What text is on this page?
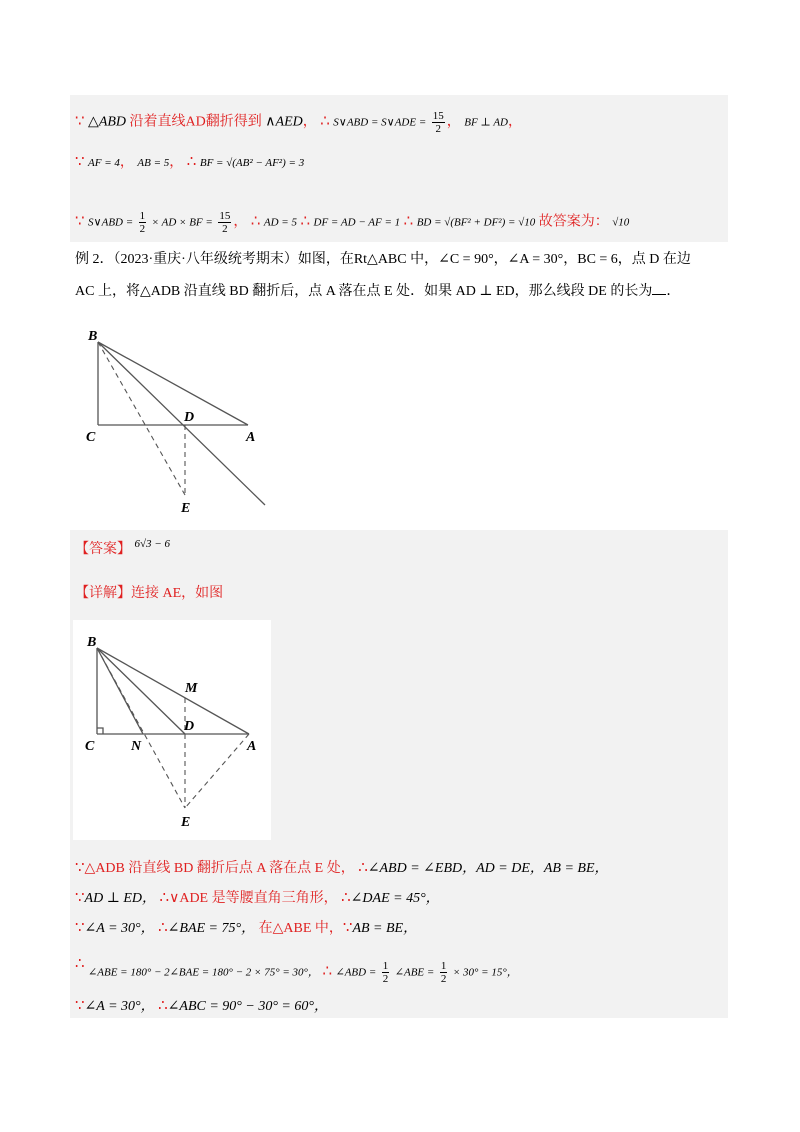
∵ △ABD 沿着直线AD翻折得到 ∧AED， ∴ S∨ABD = S∨ADE = $\frac{15}{2}$ ， BF ⊥ AD，
∵ AF = 4， AB = 5， ∴ BF = √(AB² − AF²) = 3
∵ S∨ABD = $\frac{1}{2}$ × AD × BF = $\frac{15}{2}$ ， ∴ AD = 5 ∴ DF = AD − AF = 1 ∴ BD = √(BF² + DF²) = √10 故答案为： √10
例 2．（2023·重庆·八年级统考期末）如图，在Rt△ABC 中，∠C = 90°，∠A = 30°，BC = 6，点 D 在边
AC 上，将△ADB 沿直线 BD 翻折后，点 A 落在点 E 处．如果 AD ⊥ ED，那么线段 DE 的长为 ．
B
C
D
A
E
【答案】 $^{6√3 - 6}$
【详解】连接 AE，如图
B
M
D
C	N	A
E
∵△ADB 沿直线 BD 翻折后点 A 落在点 E 处， ∴∠ABD = ∠EBD，AD = DE，AB = BE，
∵AD ⊥ ED， ∴∨ADE 是等腰直角三角形， ∴∠DAE = 45°，
∵∠A = 30°， ∴∠BAE = 75°， 在△ABE 中，∵AB = BE，
∴ ∠ABE = 180° − 2∠BAE = 180° − 2 × 75° = 30°， ∴ ∠ABD = $\frac{1}{2}$ ∠ABE = $\frac{1}{2} \times 30^\circ = 15^\circ$，
∵∠A = 30°， ∴∠ABC = 90° − 30° = 60°，
